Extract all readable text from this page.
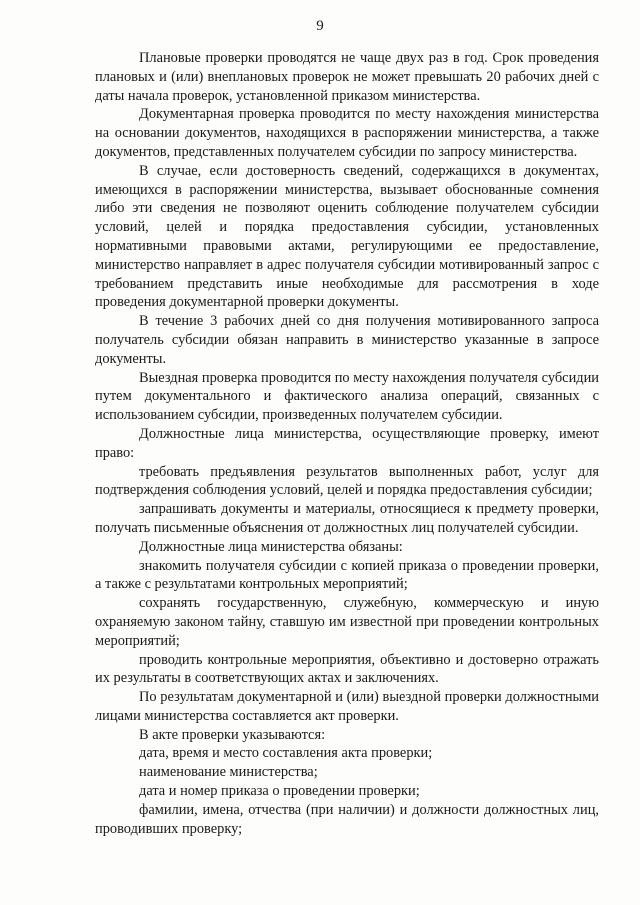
9

Плановые проверки проводятся не чаще двух раз в год. Срок проведения плановых и (или) внеплановых проверок не может превышать 20 рабочих дней с даты начала проверок, установленной приказом министерства.

Документарная проверка проводится по месту нахождения министерства на основании документов, находящихся в распоряжении министерства, а также документов, представленных получателем субсидии по запросу министерства.

В случае, если достоверность сведений, содержащихся в документах, имеющихся в распоряжении министерства, вызывает обоснованные сомнения либо эти сведения не позволяют оценить соблюдение получателем субсидии условий, целей и порядка предоставления субсидии, установленных нормативными правовыми актами, регулирующими ее предоставление, министерство направляет в адрес получателя субсидии мотивированный запрос с требованием представить иные необходимые для рассмотрения в ходе проведения документарной проверки документы.

В течение 3 рабочих дней со дня получения мотивированного запроса получатель субсидии обязан направить в министерство указанные в запросе документы.

Выездная проверка проводится по месту нахождения получателя субсидии путем документального и фактического анализа операций, связанных с использованием субсидии, произведенных получателем субсидии.

Должностные лица министерства, осуществляющие проверку, имеют право:

требовать предъявления результатов выполненных работ, услуг для подтверждения соблюдения условий, целей и порядка предоставления субсидии;

запрашивать документы и материалы, относящиеся к предмету проверки, получать письменные объяснения от должностных лиц получателей субсидии.

Должностные лица министерства обязаны:

знакомить получателя субсидии с копией приказа о проведении проверки, а также с результатами контрольных мероприятий;

сохранять государственную, служебную, коммерческую и иную охраняемую законом тайну, ставшую им известной при проведении контрольных мероприятий;

проводить контрольные мероприятия, объективно и достоверно отражать их результаты в соответствующих актах и заключениях.

По результатам документарной и (или) выездной проверки должностными лицами министерства составляется акт проверки.

В акте проверки указываются:

дата, время и место составления акта проверки;

наименование министерства;

дата и номер приказа о проведении проверки;

фамилии, имена, отчества (при наличии) и должности должностных лиц, проводивших проверку;
